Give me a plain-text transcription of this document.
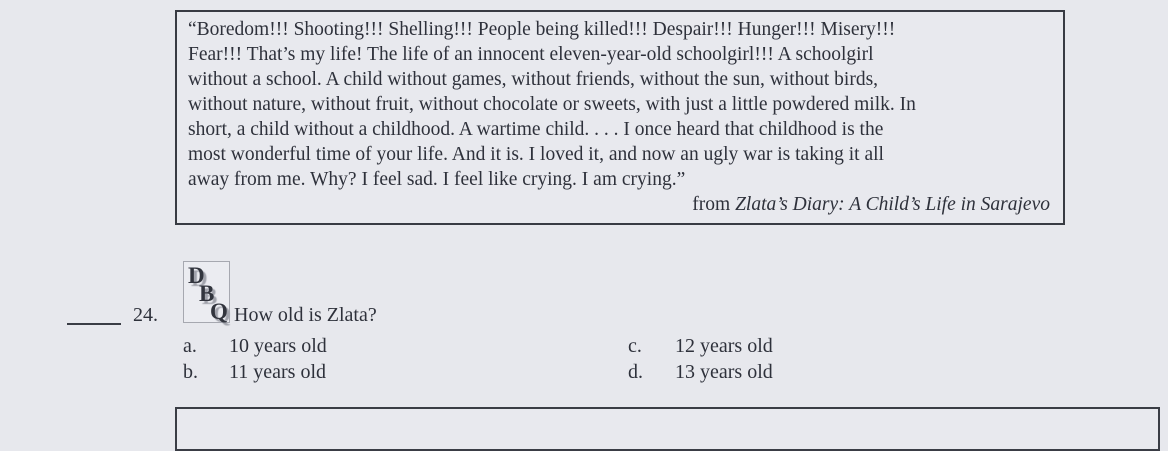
“Boredom!!! Shooting!!! Shelling!!! People being killed!!! Despair!!! Hunger!!! Misery!!!
Fear!!! That’s my life! The life of an innocent eleven-year-old schoolgirl!!! A schoolgirl
without a school. A child without games, without friends, without the sun, without birds,
without nature, without fruit, without chocolate or sweets, with just a little powdered milk. In
short, a child without a childhood. A wartime child. . . . I once heard that childhood is the
most wonderful time of your life. And it is. I loved it, and now an ugly war is taking it all
away from me. Why? I feel sad. I feel like crying. I am crying.”
from Zlata’s Diary: A Child’s Life in Sarajevo
24.
D
B
Q How old is Zlata?
a. 10 years old
b. 11 years old
c. 12 years old
d. 13 years old
